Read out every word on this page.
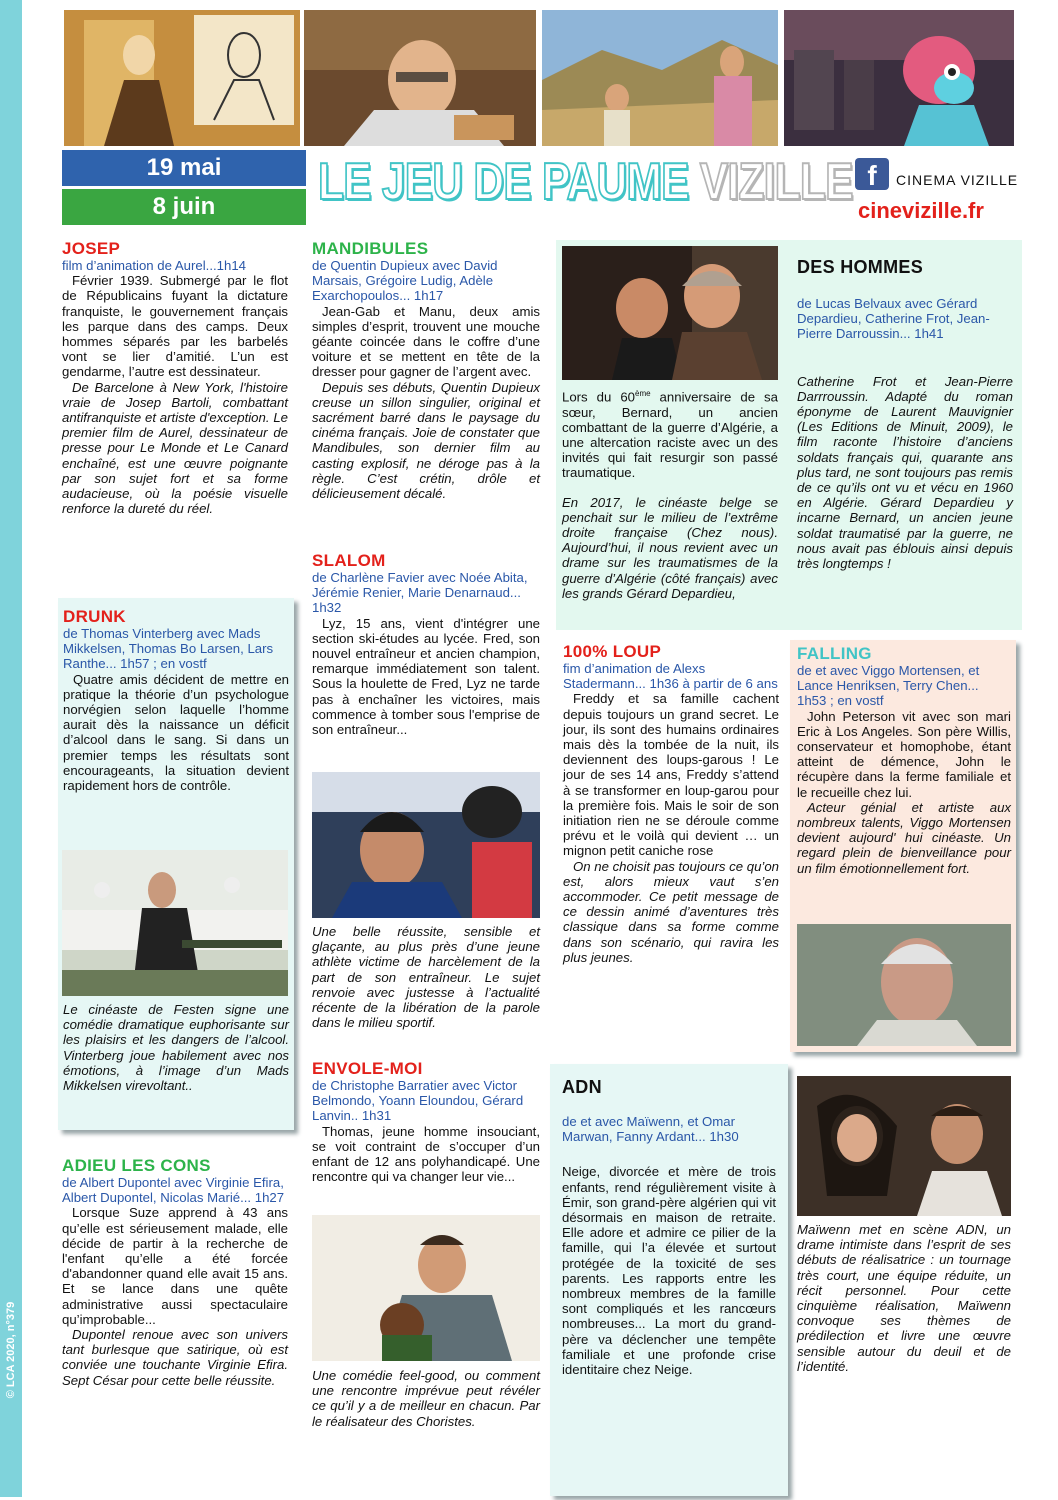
© LCA 2020, n°379
19 mai
8 juin	LE JEU DE PAUME VIZILLE f	CINEMA VIZILLE
cinevizille.fr
JOSEP

film d’animation de Aurel...1h14

Février 1939. Submergé par le flot de Républicains fuyant la dictature franquiste, le gouvernement français les parque dans des camps. Deux hommes séparés par les barbelés vont se lier d’amitié. L’un est gendarme, l’autre est dessinateur.

De Barcelone à New York, l'histoire vraie de Josep Bartoli, combattant antifranquiste et artiste d'exception. Le premier film de Aurel, dessinateur de presse pour Le Monde et Le Canard enchaîné, est une œuvre poignante par son sujet fort et sa forme audacieuse, où la poésie visuelle renforce la dureté du réel.

DRUNK

de Thomas Vinterberg avec Mads Mikkelsen, Thomas Bo Larsen, Lars Ranthe... 1h57 ; en vostf

Quatre amis décident de mettre en pratique la théorie d’un psychologue norvégien selon laquelle l’homme aurait dès la naissance un déficit d’alcool dans le sang. Si dans un premier temps les résultats sont encourageants, la situation devient rapidement hors de contrôle.

Le cinéaste de Festen signe une comédie dramatique euphorisante sur les plaisirs et les dangers de l’alcool. Vinterberg joue habilement avec nos émotions, à l’image d’un Mads Mikkelsen virevoltant..

ADIEU LES CONS

de Albert Dupontel avec Virginie Efira, Albert Dupontel, Nicolas Marié... 1h27

Lorsque Suze apprend à 43 ans qu’elle est sérieusement malade, elle décide de partir à la recherche de l'enfant qu’elle a été forcée d'abandonner quand elle avait 15 ans. Et se lance dans une quête administrative aussi spectaculaire qu’improbable...

Dupontel renoue avec son univers tant burlesque que satirique, où est conviée une touchante Virginie Efira. Sept César pour cette belle réussite.

MANDIBULES

de Quentin Dupieux avec David Marsais, Grégoire Ludig, Adèle Exarchopoulos... 1h17

Jean-Gab et Manu, deux amis simples d’esprit, trouvent une mouche géante coincée dans le coffre d’une voiture et se mettent en tête de la dresser pour gagner de l’argent avec.

Depuis ses débuts, Quentin Dupieux creuse un sillon singulier, original et sacrément barré dans le paysage du cinéma français. Joie de constater que Mandibules, son dernier film au casting explosif, ne déroge pas à la règle. C’est crétin, drôle et délicieusement décalé.

SLALOM

de Charlène Favier avec Noée Abita, Jérémie Renier, Marie Denarnaud... 1h32

Lyz, 15 ans, vient d'intégrer une section ski-études au lycée. Fred, son nouvel entraîneur et ancien champion, remarque immédiatement son talent. Sous la houlette de Fred, Lyz ne tarde pas à enchaîner les victoires, mais commence à tomber sous l'emprise de son entraîneur...

Une belle réussite, sensible et glaçante, au plus près d’une jeune athlète victime de harcèlement de la part de son entraîneur. Le sujet renvoie avec justesse à l’actualité récente de la libération de la parole dans le milieu sportif.

ENVOLE-MOI

de Christophe Barratier avec Victor Belmondo, Yoann Eloundou, Gérard Lanvin.. 1h31

Thomas, jeune homme insouciant, se voit contraint de s’occuper d’un enfant de 12 ans polyhandicapé. Une rencontre qui va changer leur vie...

Une comédie feel-good, ou comment une rencontre imprévue peut révéler ce qu’il y a de meilleur en chacun. Par le réalisateur des Choristes.

Lors du 60ème anniversaire de sa sœur, Bernard, un ancien combattant de la guerre d’Algérie, a une altercation raciste avec un des invités qui fait resurgir son passé traumatique.

En 2017, le cinéaste belge se penchait sur le milieu de l’extrême droite française (Chez nous). Aujourd’hui, il nous revient avec un drame sur les traumatismes de la guerre d’Algérie (côté français) avec les grands Gérard Depardieu,

DES HOMMES

de Lucas Belvaux avec Gérard Depardieu, Catherine Frot, Jean-Pierre Darroussin... 1h41

Catherine Frot et Jean-Pierre Darrroussin. Adapté du roman éponyme de Laurent Mauvignier (Les Editions de Minuit, 2009), le film raconte l’histoire d’anciens soldats français qui, quarante ans plus tard, ne sont toujours pas remis de ce qu’ils ont vu et vécu en 1960 en Algérie. Gérard Depardieu y incarne Bernard, un ancien jeune soldat traumatisé par la guerre, ne nous avait pas éblouis ainsi depuis très longtemps !

100% LOUP

fim d’animation de Alexs Stadermann... 1h36 à partir de 6 ans

Freddy et sa famille cachent depuis toujours un grand secret. Le jour, ils sont des humains ordinaires mais dès la tombée de la nuit, ils deviennent des loups-garous ! Le jour de ses 14 ans, Freddy s’attend à se transformer en loup-garou pour la première fois. Mais le soir de son initiation rien ne se déroule comme prévu et le voilà qui devient … un mignon petit caniche rose

On ne choisit pas toujours ce qu’on est, alors mieux vaut s’en accommoder. Ce petit message de ce dessin animé d’aventures très classique dans sa forme comme dans son scénario, qui ravira les plus jeunes.

FALLING

de et avec Viggo Mortensen, et Lance Henriksen, Terry Chen... 1h53 ; en vostf

John Peterson vit avec son mari Eric à Los Angeles. Son père Willis, conservateur et homophobe, étant atteint de démence, John le récupère dans la ferme familiale et le recueille chez lui.

Acteur génial et artiste aux nombreux talents, Viggo Mortensen devient aujourd' hui cinéaste. Un regard plein de bienveillance pour un film émotionnellement fort.

ADN

de et avec Maïwenn, et Omar Marwan, Fanny Ardant... 1h30

Neige, divorcée et mère de trois enfants, rend régulièrement visite à Émir, son grand-père algérien qui vit désormais en maison de retraite. Elle adore et admire ce pilier de la famille, qui l’a élevée et surtout protégée de la toxicité de ses parents. Les rapports entre les nombreux membres de la famille sont compliqués et les rancœurs nombreuses... La mort du grand-père va déclencher une tempête familiale et une profonde crise identitaire chez Neige.

Maïwenn met en scène ADN, un drame intimiste dans l’esprit de ses débuts de réalisatrice : un tournage très court, une équipe réduite, un récit personnel. Pour cette cinquième réalisation, Maïwenn convoque ses thèmes de prédilection et livre une œuvre sensible autour du deuil et de l’identité.
